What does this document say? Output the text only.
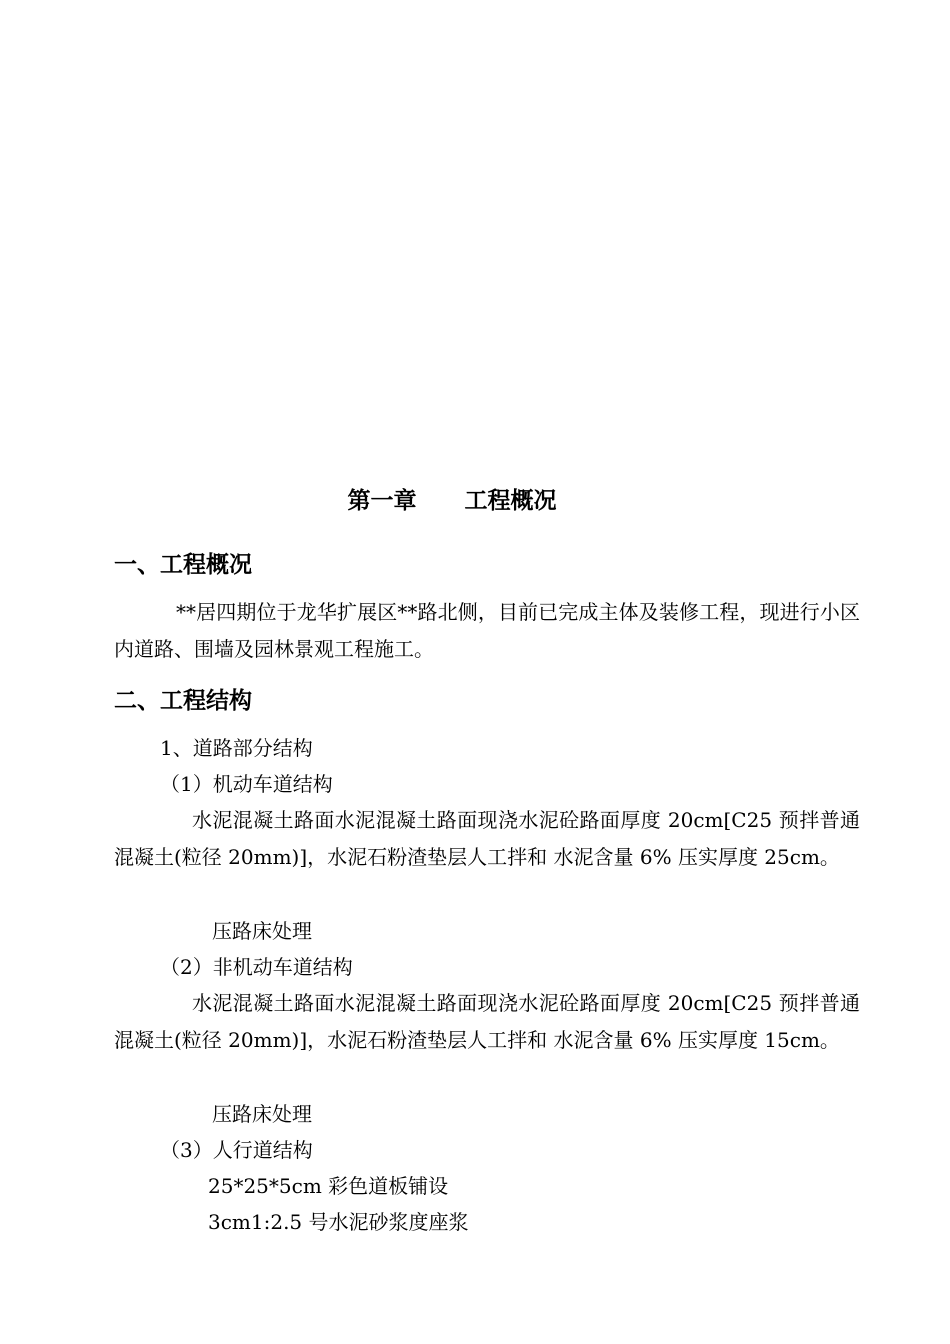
第一章      工程概况
一、工程概况
**居四期位于龙华扩展区**路北侧，目前已完成主体及装修工程，现进行小区内道路、围墙及园林景观工程施工。
二、工程结构
1、道路部分结构
（1）机动车道结构
水泥混凝土路面水泥混凝土路面现浇水泥砼路面厚度 20cm[C25 预拌普通混凝土(粒径 20mm)]，水泥石粉渣垫层人工拌和 水泥含量 6% 压实厚度 25cm。
压路床处理
（2）非机动车道结构
水泥混凝土路面水泥混凝土路面现浇水泥砼路面厚度 20cm[C25 预拌普通混凝土(粒径 20mm)]，水泥石粉渣垫层人工拌和 水泥含量 6% 压实厚度 15cm。
压路床处理
（3）人行道结构
25*25*5cm 彩色道板铺设
3cm1:2.5 号水泥砂浆度座浆
